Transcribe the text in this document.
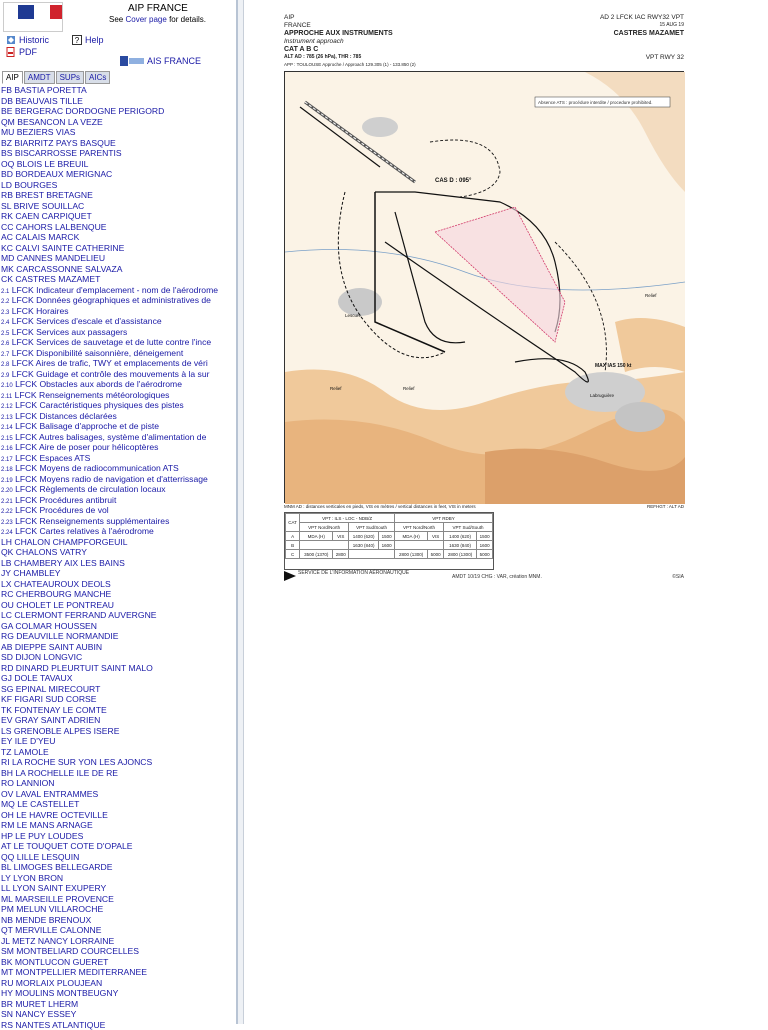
AIP FRANCE
See Cover page for details.
Historic	? Help
PDF
AIS FRANCE
AIP	AMDT	SUPs	AICs
FB BASTIA PORETTA
DB BEAUVAIS TILLE
BE BERGERAC DORDOGNE PERIGORD
QM BESANCON LA VEZE
MU BEZIERS VIAS
BZ BIARRITZ PAYS BASQUE
BS BISCARROSSE PARENTIS
OQ BLOIS LE BREUIL
BD BORDEAUX MERIGNAC
LD BOURGES
RB BREST BRETAGNE
SL BRIVE SOUILLAC
RK CAEN CARPIQUET
CC CAHORS LALBENQUE
AC CALAIS MARCK
KC CALVI SAINTE CATHERINE
MD CANNES MANDELIEU
MK CARCASSONNE SALVAZA
CK CASTRES MAZAMET
2.1 LFCK Indicateur d'emplacement - nom de l'aérodrome
2.2 LFCK Données géographiques et administratives de
2.3 LFCK Horaires
2.4 LFCK Services d'escale et d'assistance
2.5 LFCK Services aux passagers
2.6 LFCK Services de sauvetage et de lutte contre l'ince
2.7 LFCK Disponibilité saisonnière, déneigement
2.8 LFCK Aires de trafic, TWY et emplacements de véri
2.9 LFCK Guidage et contrôle des mouvements à la sur
2.10 LFCK Obstacles aux abords de l'aérodrome
2.11 LFCK Renseignements météorologiques
2.12 LFCK Caractéristiques physiques des pistes
2.13 LFCK Distances déclarées
2.14 LFCK Balisage d'approche et de piste
2.15 LFCK Autres balisages, système d'alimentation de
2.16 LFCK Aire de poser pour hélicoptères
2.17 LFCK Espaces ATS
2.18 LFCK Moyens de radiocommunication ATS
2.19 LFCK Moyens radio de navigation et d'atterrissage
2.20 LFCK Règlements de circulation locaux
2.21 LFCK Procédures antibruit
2.22 LFCK Procédures de vol
2.23 LFCK Renseignements supplémentaires
2.24 LFCK Cartes relatives à l'aérodrome
LH CHALON CHAMPFORGEUIL
QK CHALONS VATRY
LB CHAMBERY AIX LES BAINS
JY CHAMBLEY
LX CHATEAUROUX DEOLS
RC CHERBOURG MANCHE
OU CHOLET LE PONTREAU
LC CLERMONT FERRAND AUVERGNE
GA COLMAR HOUSSEN
RG DEAUVILLE NORMANDIE
AB DIEPPE SAINT AUBIN
SD DIJON LONGVIC
RD DINARD PLEURTUIT SAINT MALO
GJ DOLE TAVAUX
SG EPINAL MIRECOURT
KF FIGARI SUD CORSE
TK FONTENAY LE COMTE
EV GRAY SAINT ADRIEN
LS GRENOBLE ALPES ISERE
EY ILE D'YEU
TZ LAMOLE
RI LA ROCHE SUR YON LES AJONCS
BH LA ROCHELLE ILE DE RE
RO LANNION
OV LAVAL ENTRAMMES
MQ LE CASTELLET
OH LE HAVRE OCTEVILLE
RM LE MANS ARNAGE
HP LE PUY LOUDES
AT LE TOUQUET COTE D'OPALE
QQ LILLE LESQUIN
BL LIMOGES BELLEGARDE
LY LYON BRON
LL LYON SAINT EXUPERY
ML MARSEILLE PROVENCE
PM MELUN VILLAROCHE
NB MENDE BRENOUX
QT MERVILLE CALONNE
JL METZ NANCY LORRAINE
SM MONTBELIARD COURCELLES
BK MONTLUCON GUERET
MT MONTPELLIER MEDITERRANEE
RU MORLAIX PLOUJEAN
HY MOULINS MONTBEUGNY
BR MURET LHERM
SN NANCY ESSEY
RS NANTES ATLANTIQUE
AIP
FRANCE
AD 2 LFCK IAC RWY32 VPT
15 AUG 19
APPROCHE AUX INSTRUMENTS
Instrument approach
CAT A B C
ALT AD : 785 (26 hPa), THR : 785
CASTRES MAZAMET
VPT RWY 32
APP : TOULOUSE Approche / Approach 129.305 (1) - 133.850 (2)
Absence ATS : procédure interdite / procedure prohibited.
CAS D : 095°
MAX IAS 150 kt
Lescure
Labruguière
Relief	Relief
Relief
MNM AD : distances verticales en pieds, VIS en mètres / vertical distances in feet, VIS in meters	REFHGT : ALT AD
CAT	VPT : ILS - LOC - NDB/Z				VPT RDBY			
	VPT Nord/North		VPT Sud/South		VPT Nord/North		VPT Sud/South	
A	MDA (H)	VIS	1400 (620)	1500	MDA (H)	VIS	1400 (620)	1500
B			1630 (840)	1600			1630 (840)	1600
C	3500 (1370)	2800			2800 (1300)	5000	2800 (1300)	5000
SERVICE DE L'INFORMATION AÉRONAUTIQUE
AMDT 10/19 CHG : VAR, création MNM.	©SIA
